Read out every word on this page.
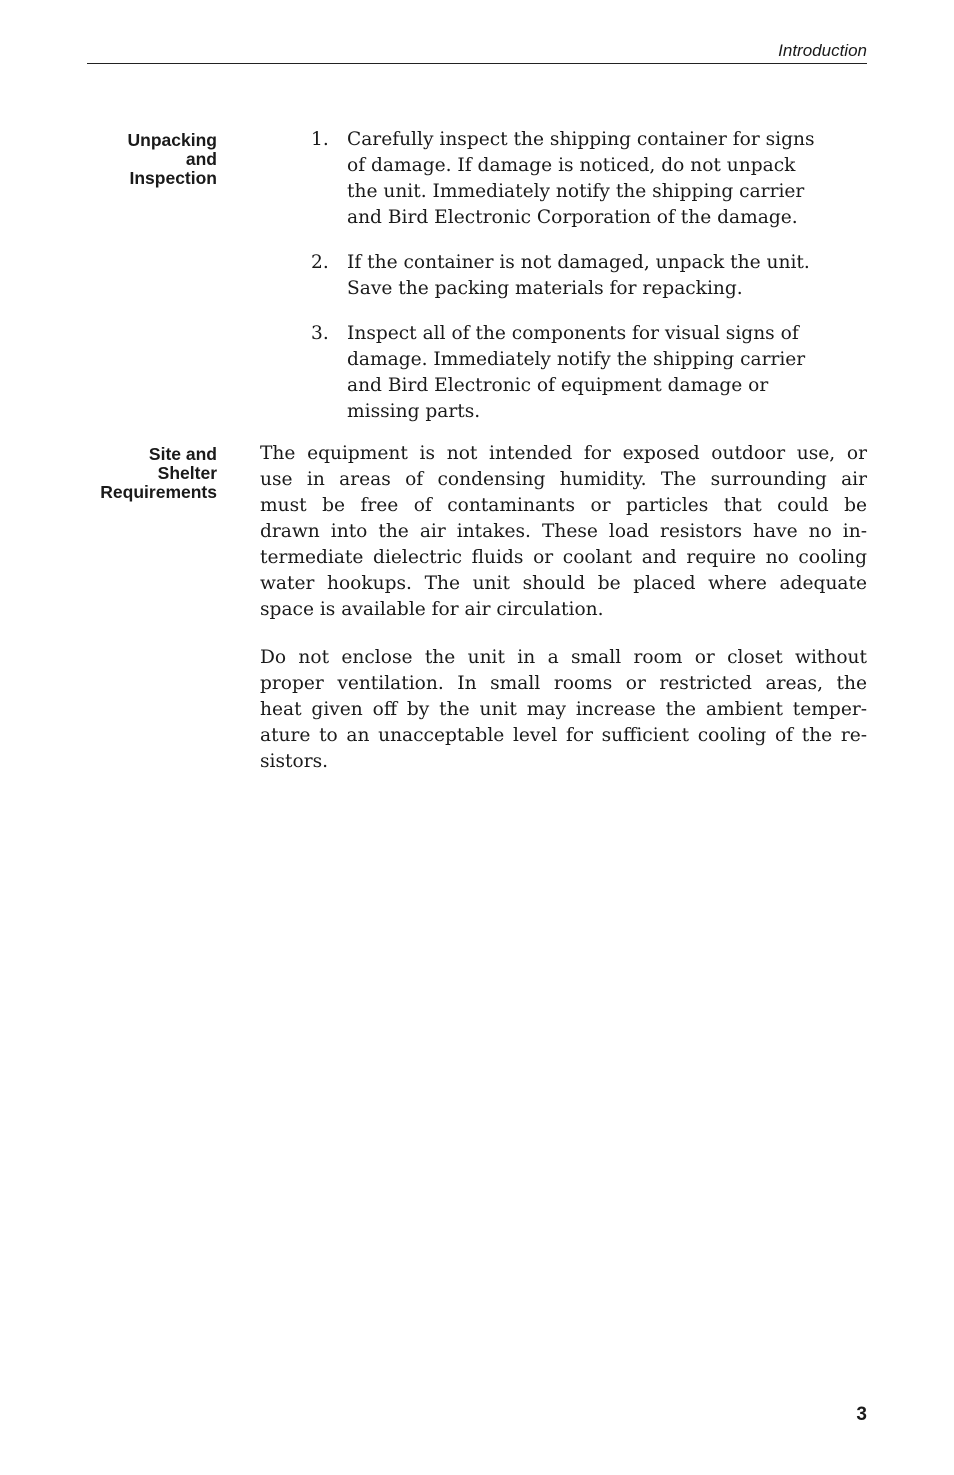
Introduction
Unpacking
and
Inspection
1. Carefully inspect the shipping container for signs
of damage. If damage is noticed, do not unpack
the unit. Immediately notify the shipping carrier
and Bird Electronic Corporation of the damage.
2. If the container is not damaged, unpack the unit.
Save the packing materials for repacking.
3. Inspect all of the components for visual signs of
damage. Immediately notify the shipping carrier
and Bird Electronic of equipment damage or
missing parts.
Site and
Shelter
Requirements

The equipment is not intended for exposed outdoor use, or
use in areas of condensing humidity. The surrounding air
must be free of contaminants or particles that could be
drawn into the air intakes. These load resistors have no in-
termediate dielectric fluids or coolant and require no cooling
water hookups. The unit should be placed where adequate
space is available for air circulation.

Do not enclose the unit in a small room or closet without
proper ventilation. In small rooms or restricted areas, the
heat given off by the unit may increase the ambient temper-
ature to an unacceptable level for sufficient cooling of the re-
sistors.

3
